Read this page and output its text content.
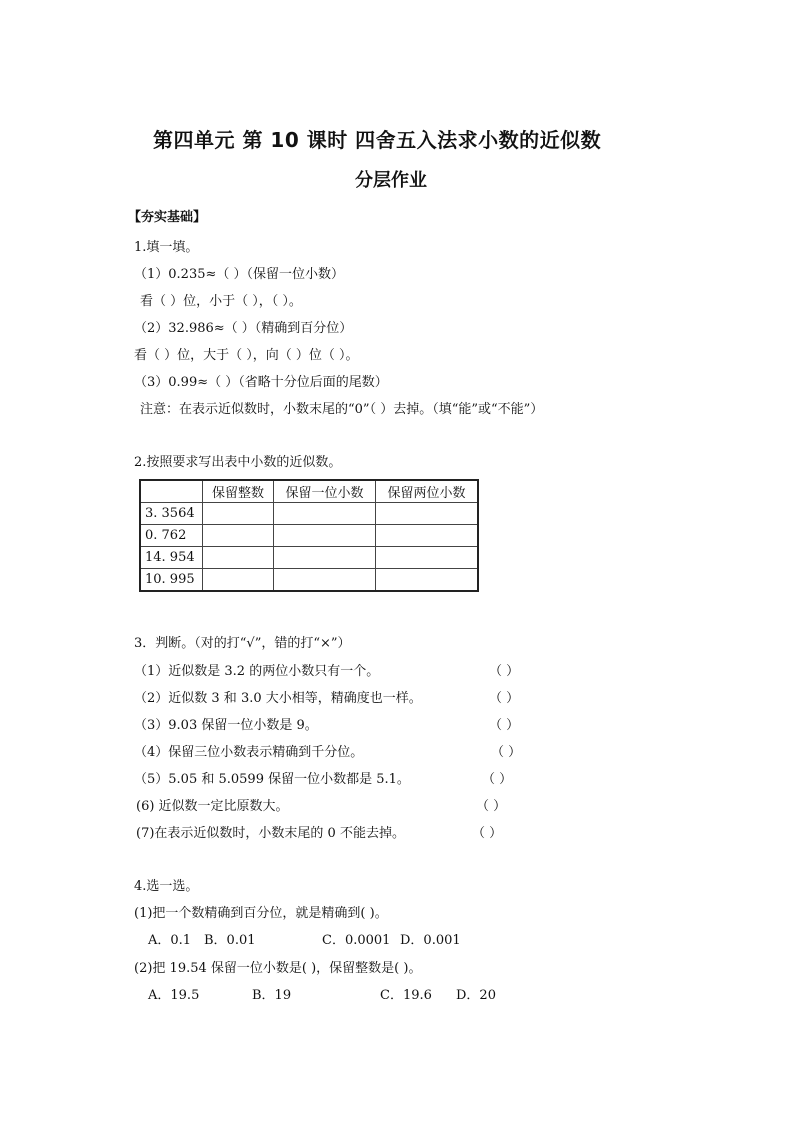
第四单元 第 10 课时 四舍五入法求小数的近似数
分层作业
【夯实基础】
1.填一填。
（1）0.235≈（ ）（保留一位小数）
看（ ）位，小于（ ），（ ）。
（2）32.986≈（ ）（精确到百分位）
看（ ）位，大于（ ），向（ ）位（ ）。
（3）0.99≈（ ）（省略十分位后面的尾数）
注意：在表示近似数时，小数末尾的“0”（ ）去掉。（填“能”或“不能”）
2.按照要求写出表中小数的近似数。
	保留整数	保留一位小数	保留两位小数
3. 3564			
0. 762			
14. 954			
10. 995			
3．判断。（对的打“√”，错的打“×”）
（1）近似数是 3.2 的两位小数只有一个。	（ ）
（2）近似数 3 和 3.0 大小相等，精确度也一样。	（ ）
（3）9.03 保留一位小数是 9。	（ ）
（4）保留三位小数表示精确到千分位。	（ ）
（5）5.05 和 5.0599 保留一位小数都是 5.1。	（ ）
(6) 近似数一定比原数大。	（ ）
(7)在表示近似数时，小数末尾的 0 不能去掉。	（ ）
4.选一选。
(1)把一个数精确到百分位，就是精确到( )。
A．0.1 B．0.01	C．0.0001 D．0.001
(2)把 19.54 保留一位小数是( )，保留整数是( )。
A．19.5	B．19	C．19.6 D．20
